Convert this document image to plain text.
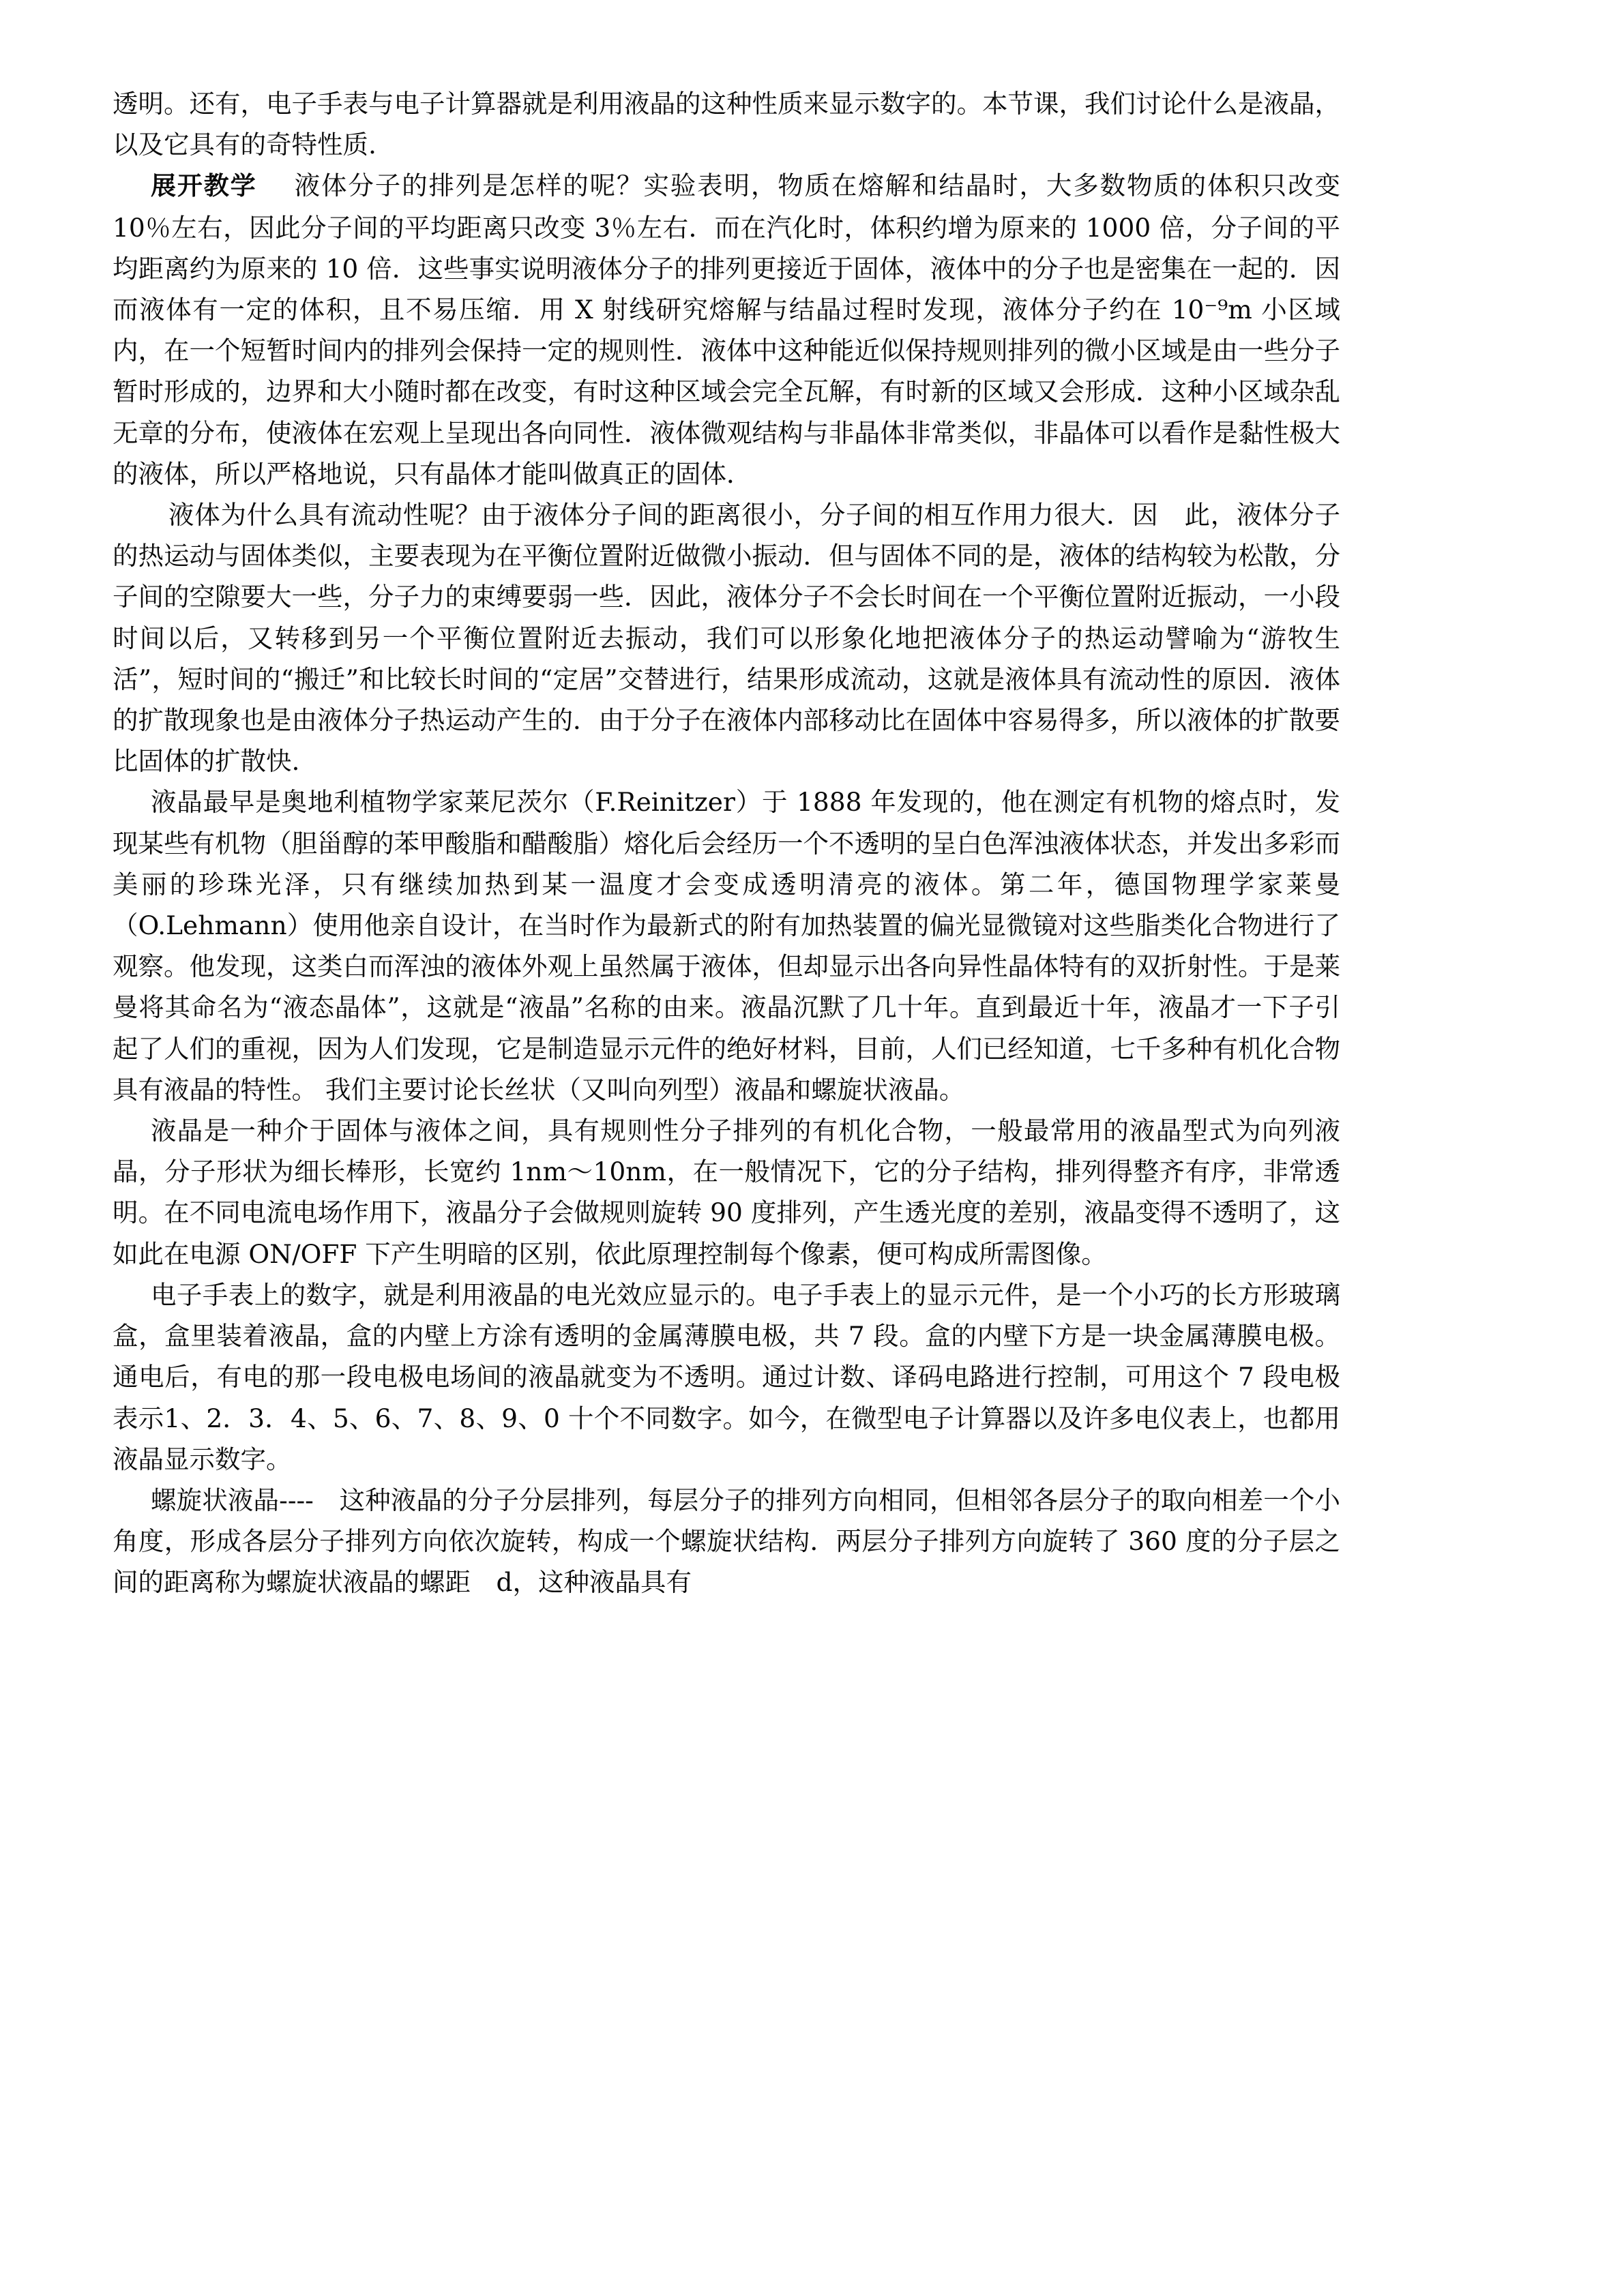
透明。还有，电子手表与电子计算器就是利用液晶的这种性质来显示数字的。本节课，我们讨论什么是液晶，以及它具有的奇特性质.

展开教学    液体分子的排列是怎样的呢？实验表明，物质在熔解和结晶时，大多数物质的体积只改变 10％左右，因此分子间的平均距离只改变 3％左右．而在汽化时，体积约增为原来的 1000 倍，分子间的平均距离约为原来的 10 倍．这些事实说明液体分子的排列更接近于固体，液体中的分子也是密集在一起的．因而液体有一定的体积，且不易压缩．用 X 射线研究熔解与结晶过程时发现，液体分子约在 10⁻⁹m 小区域内，在一个短暂时间内的排列会保持一定的规则性．液体中这种能近似保持规则排列的微小区域是由一些分子暂时形成的，边界和大小随时都在改变，有时这种区域会完全瓦解，有时新的区域又会形成．这种小区域杂乱无章的分布，使液体在宏观上呈现出各向同性．液体微观结构与非晶体非常类似，非晶体可以看作是黏性极大的液体，所以严格地说，只有晶体才能叫做真正的固体．

液体为什么具有流动性呢？由于液体分子间的距离很小，分子间的相互作用力很大．因　此，液体分子的热运动与固体类似，主要表现为在平衡位置附近做微小振动．但与固体不同的是，液体的结构较为松散，分子间的空隙要大一些，分子力的束缚要弱一些．因此，液体分子不会长时间在一个平衡位置附近振动，一小段时间以后，又转移到另一个平衡位置附近去振动，我们可以形象化地把液体分子的热运动譬喻为“游牧生活”，短时间的“搬迁”和比较长时间的“定居”交替进行，结果形成流动，这就是液体具有流动性的原因．液体的扩散现象也是由液体分子热运动产生的．由于分子在液体内部移动比在固体中容易得多，所以液体的扩散要比固体的扩散快.

液晶最早是奥地利植物学家莱尼茨尔（F.Reinitzer）于 1888 年发现的，他在测定有机物的熔点时，发现某些有机物（胆甾醇的苯甲酸脂和醋酸脂）熔化后会经历一个不透明的呈白色浑浊液体状态，并发出多彩而美丽的珍珠光泽，只有继续加热到某一温度才会变成透明清亮的液体。第二年，德国物理学家莱曼（O.Lehmann）使用他亲自设计，在当时作为最新式的附有加热装置的偏光显微镜对这些脂类化合物进行了观察。他发现，这类白而浑浊的液体外观上虽然属于液体，但却显示出各向异性晶体特有的双折射性。于是莱曼将其命名为“液态晶体”，这就是“液晶”名称的由来。液晶沉默了几十年。直到最近十年，液晶才一下子引起了人们的重视，因为人们发现，它是制造显示元件的绝好材料，目前，人们已经知道，七千多种有机化合物具有液晶的特性。 我们主要讨论长丝状（又叫向列型）液晶和螺旋状液晶。

液晶是一种介于固体与液体之间，具有规则性分子排列的有机化合物，一般最常用的液晶型式为向列液晶，分子形状为细长棒形，长宽约 1nm～10nm，在一般情况下，它的分子结构，排列得整齐有序，非常透明。在不同电流电场作用下，液晶分子会做规则旋转 90 度排列，产生透光度的差别，液晶变得不透明了，这如此在电源 ON/OFF 下产生明暗的区别，依此原理控制每个像素，便可构成所需图像。

电子手表上的数字，就是利用液晶的电光效应显示的。电子手表上的显示元件，是一个小巧的长方形玻璃盒，盒里装着液晶，盒的内壁上方涂有透明的金属薄膜电极，共 7 段。盒的内壁下方是一块金属薄膜电极。通电后，有电的那一段电极电场间的液晶就变为不透明。通过计数、译码电路进行控制，可用这个 7 段电极表示1、2．3．4、5、6、7、8、9、0 十个不同数字。如今，在微型电子计算器以及许多电仪表上，也都用液晶显示数字。

螺旋状液晶----　这种液晶的分子分层排列，每层分子的排列方向相同，但相邻各层分子的取向相差一个小角度，形成各层分子排列方向依次旋转，构成一个螺旋状结构．两层分子排列方向旋转了 360 度的分子层之间的距离称为螺旋状液晶的螺距　d，这种液晶具有
